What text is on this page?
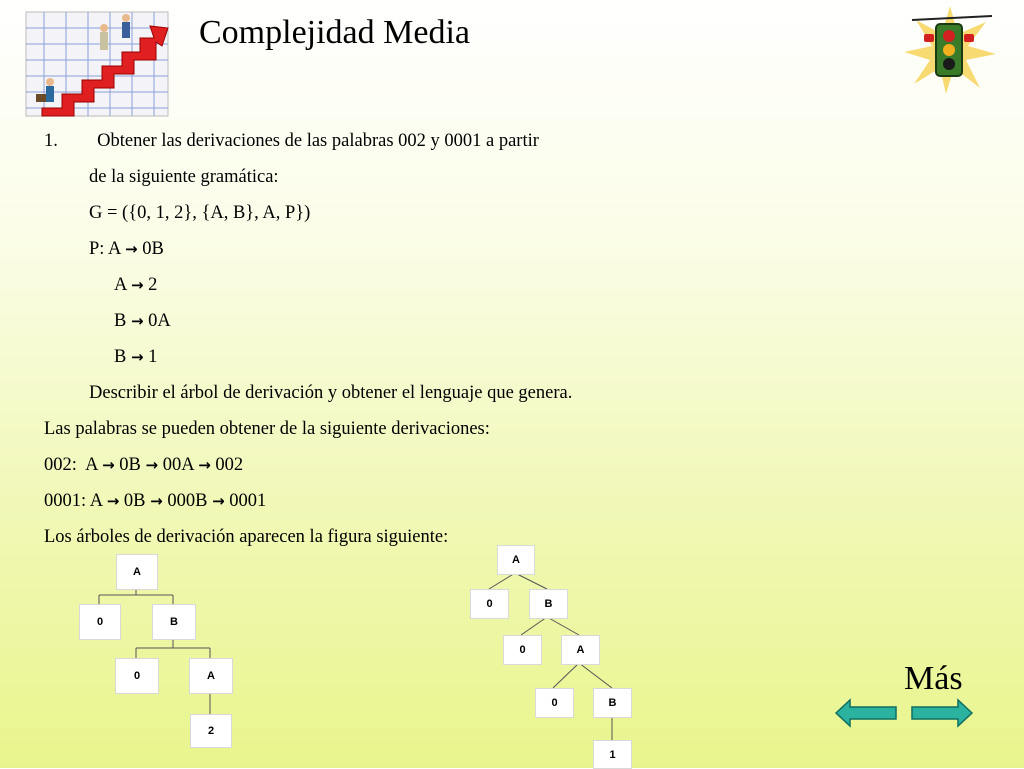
Complejidad Media
1. Obtener las derivaciones de las palabras 002 y 0001 a partir
de la siguiente gramática:
G = ({0, 1, 2}, {A, B}, A, P})
P: A → 0B
A → 2
B → 0A
B → 1
Describir el árbol de derivación y obtener el lenguaje que genera.
Las palabras se pueden obtener de la siguiente derivaciones:
002: A → 0B → 00A → 002
0001: A → 0B → 000B → 0001
Los árboles de derivación aparecen la figura siguiente:
A
0	B
0	A
2
A
0	B
0	A
0	B
1
Más
